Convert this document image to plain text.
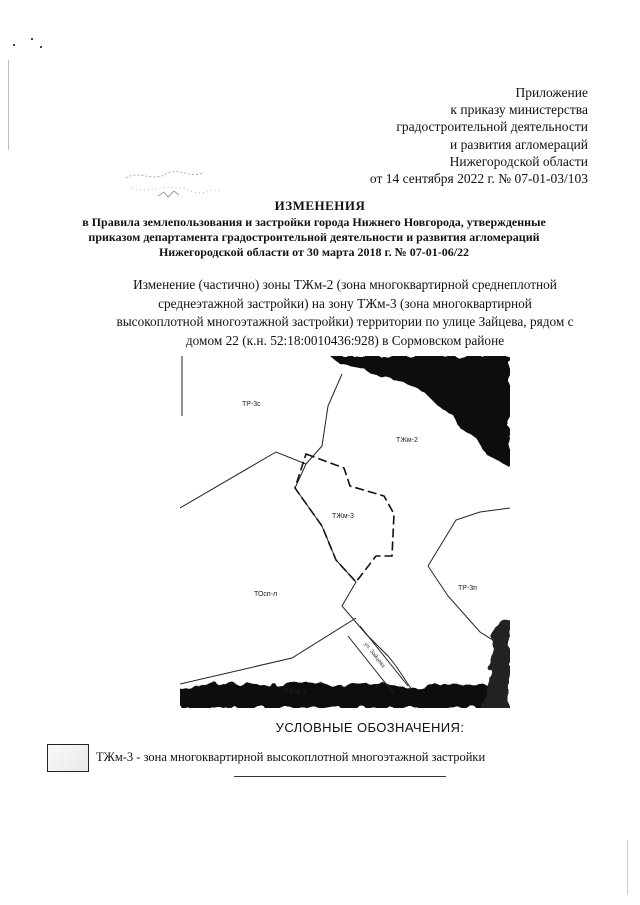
Приложение
к приказу министерства
градостроительной деятельности
и развития агломераций
Нижегородской области
от 14 сентября 2022 г. № 07-01-03/103
ИЗМЕНЕНИЯ
в Правила землепользования и застройки города Нижнего Новгорода, утвержденные
приказом департамента градостроительной деятельности и развития агломераций
Нижегородской области от 30 марта 2018 г. № 07-01-06/22
Изменение (частично) зоны ТЖм-2 (зона многоквартирной среднеплотной
среднеэтажной застройки) на зону ТЖм-3 (зона многоквартирной
высокоплотной многоэтажной застройки) территории по улице Зайцева, рядом с
домом 22 (к.н. 52:18:0010436:928) в Сормовском районе
ТР-3с
ТЖм-2
ТЖм-3
ТР-3п
ТОсп-л
ТЖм-3
ул. Зайцева
УСЛОВНЫЕ ОБОЗНАЧЕНИЯ:
ТЖм-3 - зона многоквартирной высокоплотной многоэтажной застройки
